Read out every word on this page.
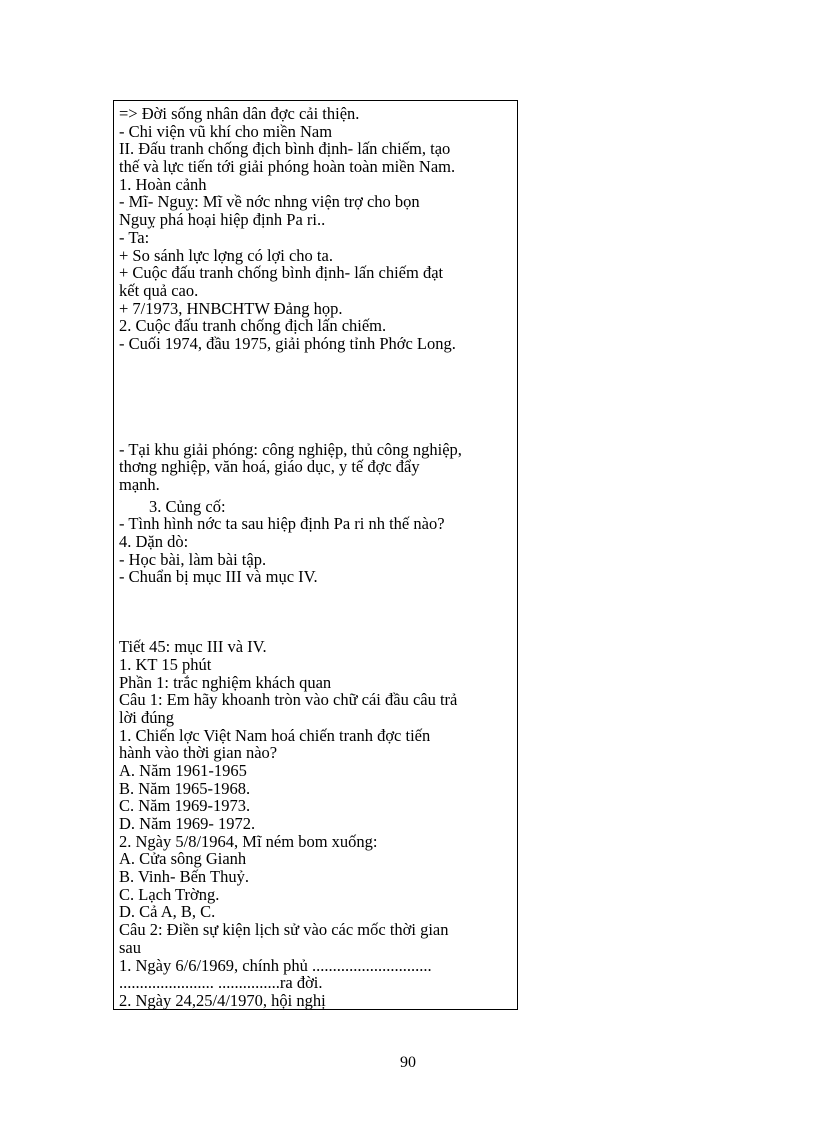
=> Đời sống nhân dân đợc cải thiện.
- Chi viện vũ khí cho miền Nam
II. Đấu tranh chống địch bình định- lấn chiếm, tạo
thế và lực tiến tới giải phóng hoàn toàn miền Nam.
1. Hoàn cảnh
- Mĩ- Nguỵ: Mĩ về nớc nhng viện trợ cho bọn
Nguỵ phá hoại hiệp định Pa ri..
- Ta:
+ So sánh lực lợng có lợi cho ta.
+ Cuộc đấu tranh chống bình định- lấn chiếm đạt
kết quả cao.
+ 7/1973, HNBCHTW Đảng họp.
2. Cuộc đấu tranh chống địch lấn chiếm.
- Cuối 1974, đầu 1975, giải phóng tỉnh Phớc Long.
- Tại khu giải phóng: công nghiệp, thủ công nghiệp,
thơng nghiệp, văn hoá, giáo dục, y tế đợc đẩy
mạnh.
3. Củng cố:
- Tình hình nớc ta sau hiệp định Pa ri nh thế nào?
4. Dặn dò:
- Học bài, làm bài tập.
- Chuẩn bị mục III và mục IV.
Tiết 45: mục III và IV.
1. KT 15 phút
Phần 1: trắc nghiệm khách quan
Câu 1: Em hãy khoanh tròn vào chữ cái đầu câu trả
lời đúng
1. Chiến lợc Việt Nam hoá chiến tranh đợc tiến
hành vào thời gian nào?
A. Năm 1961-1965
B. Năm 1965-1968.
C. Năm 1969-1973.
D. Năm 1969- 1972.
2. Ngày 5/8/1964, Mĩ ném bom xuống:
A. Cửa sông Gianh
B. Vinh- Bến Thuỷ.
C. Lạch Trờng.
D. Cả A, B, C.
Câu 2: Điền sự kiện lịch sử vào các mốc thời gian
sau
1. Ngày 6/6/1969, chính phủ .............................
....................... ...............ra đời.
2. Ngày 24,25/4/1970, hội nghị
90
